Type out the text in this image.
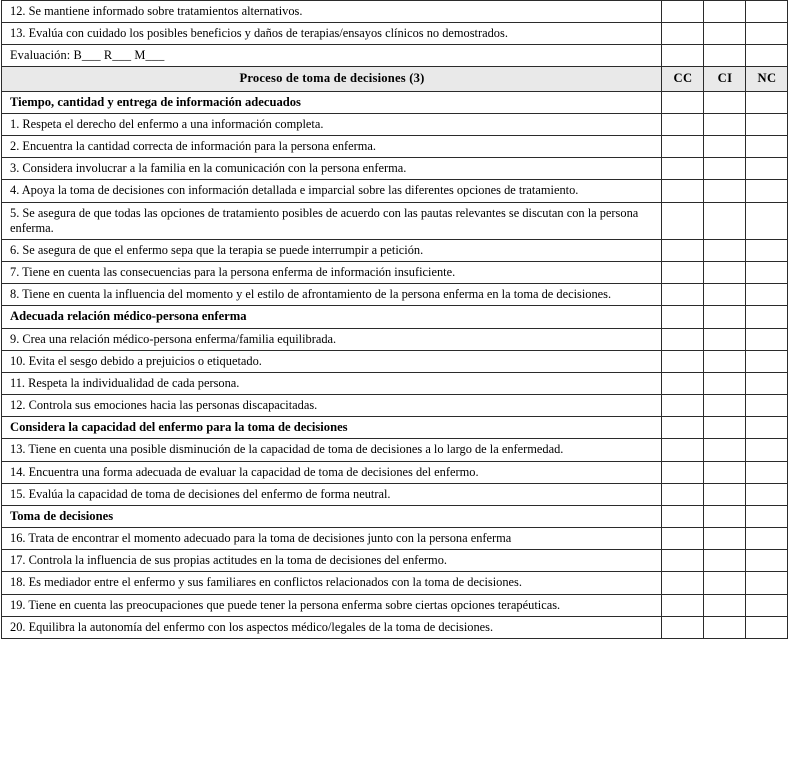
12. Se mantiene informado sobre tratamientos alternativos.			
13. Evalúa con cuidado los posibles beneficios y daños de terapias/ensayos clínicos no demostrados.			
Evaluación: B___ R___ M___			
Proceso de toma de decisiones (3)	CC	CI	NC
Tiempo, cantidad y entrega de información adecuados			
1. Respeta el derecho del enfermo a una información completa.			
2. Encuentra la cantidad correcta de información para la persona enferma.			
3. Considera involucrar a la familia en la comunicación con la persona enferma.			
4. Apoya la toma de decisiones con información detallada e imparcial sobre las diferentes opciones de tratamiento.			
5. Se asegura de que todas las opciones de tratamiento posibles de acuerdo con las pautas relevantes se discutan con la persona enferma.			
6. Se asegura de que el enfermo sepa que la terapia se puede interrumpir a petición.			
7. Tiene en cuenta las consecuencias para la persona enferma de información insuficiente.			
8. Tiene en cuenta la influencia del momento y el estilo de afrontamiento de la persona enferma en la toma de decisiones.			
Adecuada relación médico-persona enferma			
9. Crea una relación médico-persona enferma/familia equilibrada.			
10. Evita el sesgo debido a prejuicios o etiquetado.			
11. Respeta la individualidad de cada persona.			
12. Controla sus emociones hacia las personas discapacitadas.			
Considera la capacidad del enfermo para la toma de decisiones			
13. Tiene en cuenta una posible disminución de la capacidad de toma de decisiones a lo largo de la enfermedad.			
14. Encuentra una forma adecuada de evaluar la capacidad de toma de decisiones del enfermo.			
15. Evalúa la capacidad de toma de decisiones del enfermo de forma neutral.			
Toma de decisiones			
16. Trata de encontrar el momento adecuado para la toma de decisiones junto con la persona enferma			
17. Controla la influencia de sus propias actitudes en la toma de decisiones del enfermo.			
18. Es mediador entre el enfermo y sus familiares en conflictos relacionados con la toma de decisiones.			
19. Tiene en cuenta las preocupaciones que puede tener la persona enferma sobre ciertas opciones terapéuticas.			
20. Equilibra la autonomía del enfermo con los aspectos médico/legales de la toma de decisiones.			
